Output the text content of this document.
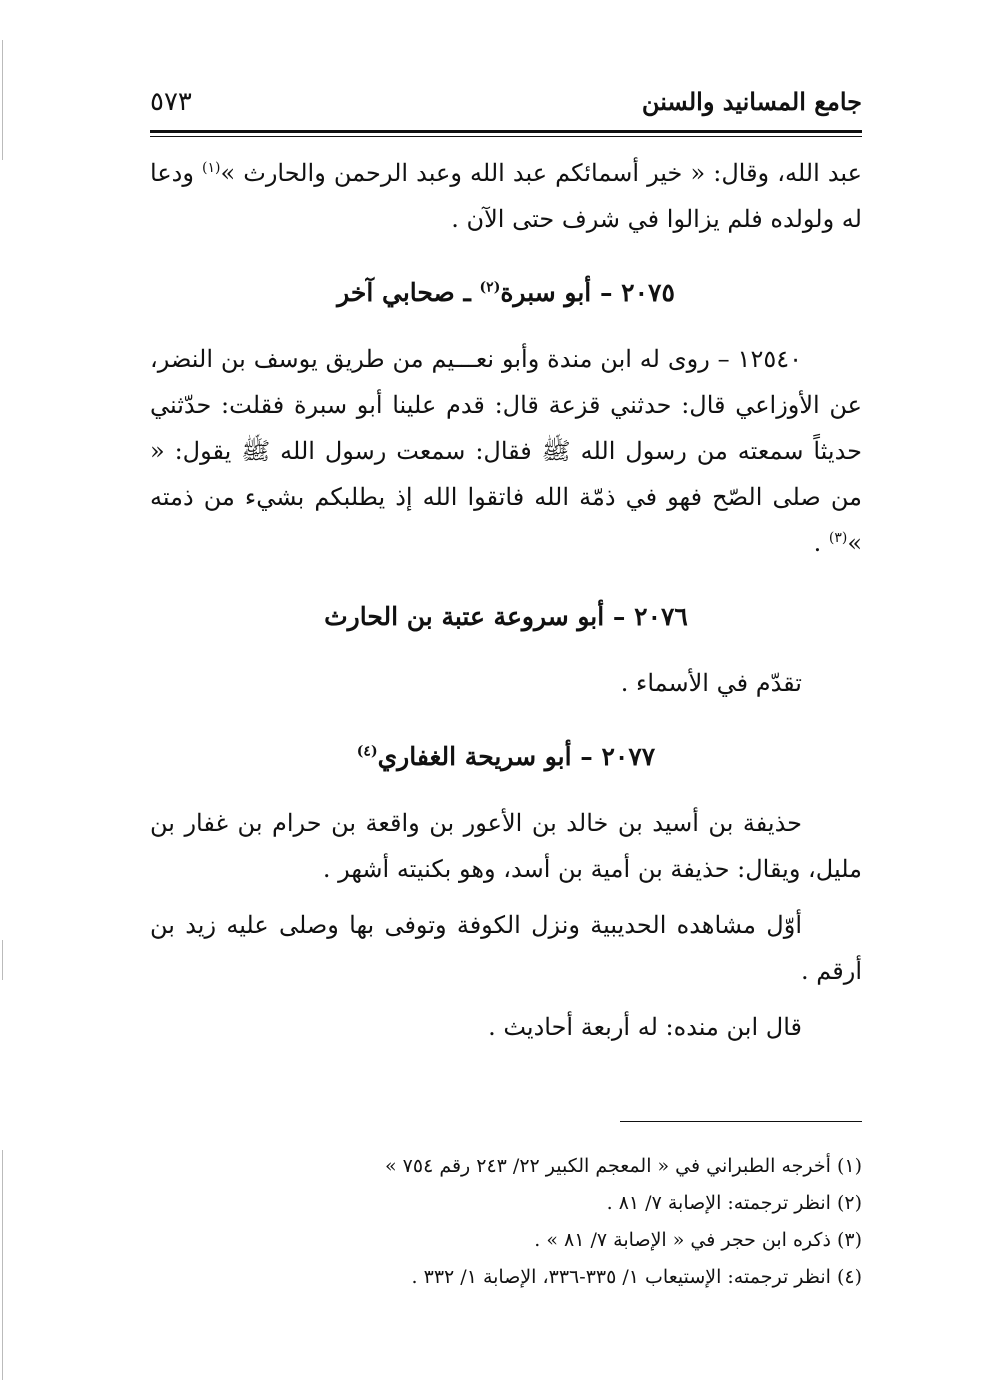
جامع المسانيد والسنن
٥٧٣

عبد الله، وقال: « خير أسمائكم عبد الله وعبد الرحمن والحارث »$^{(١)}$ ودعا له ولولده فلم يزالوا في شرف حتى الآن .

٢٠٧٥ – أبو سبرة$^{(٢)}$ ـ صحابي آخر

١٢٥٤٠ – روى له ابن مندة وأبو نعـــيم من طريق يوسف بن النضر، عن الأوزاعي قال: حدثني قزعة قال: قدم علينا أبو سبرة فقلت: حدّثني حديثاً سمعته من رسول الله ﷺ فقال: سمعت رسول الله ﷺ يقول: « من صلى الصّح فهو في ذمّة الله فاتقوا الله إذ يطلبكم بشيء من ذمته »$^{(٣)}$ .

٢٠٧٦ – أبو سروعة عتبة بن الحارث

تقدّم في الأسماء .

٢٠٧٧ – أبو سريحة الغفاري$^{(٤)}$

حذيفة بن أسيد بن خالد بن الأعور بن واقعة بن حرام بن غفار بن مليل، ويقال: حذيفة بن أمية بن أسد، وهو بكنيته أشهر .

أوّل مشاهده الحديبية ونزل الكوفة وتوفى بها وصلى عليه زيد بن أرقم .

قال ابن منده: له أربعة أحاديث .

(١) أخرجه الطبراني في « المعجم الكبير ٢٢/ ٢٤٣ رقم ٧٥٤ »

(٢) انظر ترجمته: الإصابة ٧/ ٨١ .

(٣) ذكره ابن حجر في « الإصابة ٧/ ٨١ » .

(٤) انظر ترجمته: الإستيعاب ١/ ٣٣٥-٣٣٦، الإصابة ١/ ٣٣٢ .
